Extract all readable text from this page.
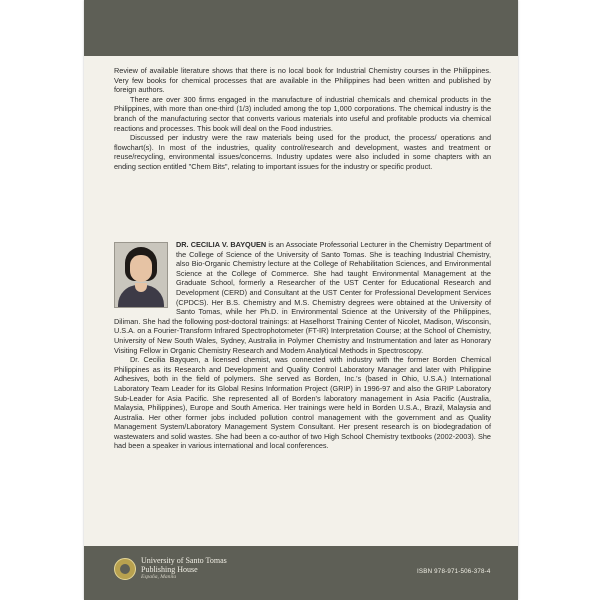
Review of available literature shows that there is no local book for Industrial Chemistry courses in the Philippines. Very few books for chemical processes that are available in the Philippines had been written and published by foreign authors.

There are over 300 firms engaged in the manufacture of industrial chemicals and chemical products in the Philippines, with more than one-third (1/3) included among the top 1,000 corporations. The chemical industry is the branch of the manufacturing sector that converts various materials into useful and profitable products via chemical reactions and processes. This book will deal on the Food industries.

Discussed per industry were the raw materials being used for the product, the process/ operations and flowchart(s). In most of the industries, quality control/research and development, wastes and treatment or reuse/recycling, environmental issues/concerns. Industry updates were also included in some chapters with an ending section entitled "Chem Bits", relating to important issues for the industry or specific product.

DR. CECILIA V. BAYQUEN is an Associate Professorial Lecturer in the Chemistry Department of the College of Science of the University of Santo Tomas. She is teaching Industrial Chemistry, also Bio-Organic Chemistry lecture at the College of Rehabilitation Sciences, and Environmental Science at the College of Commerce. She had taught Environmental Management at the Graduate School, formerly a Researcher of the UST Center for Educational Research and Development (CERD) and Consultant at the UST Center for Professional Development Services (CPDCS). Her B.S. Chemistry and M.S. Chemistry degrees were obtained at the University of Santo Tomas, while her Ph.D. in Environmental Science at the University of the Philippines, Diliman. She had the following post-doctoral trainings: at Haselhorst Training Center of Nicolet, Madison, Wisconsin, U.S.A. on a Fourier-Transform Infrared Spectrophotometer (FT-IR) Interpretation Course; at the School of Chemistry, University of New South Wales, Sydney, Australia in Polymer Chemistry and Instrumentation and later as Honorary Visiting Fellow in Organic Chemistry Research and Modern Analytical Methods in Spectroscopy.

Dr. Cecilia Bayquen, a licensed chemist, was connected with industry with the former Borden Chemical Philippines as its Research and Development and Quality Control Laboratory Manager and later with Philippine Adhesives, both in the field of polymers. She served as Borden, Inc.'s (based in Ohio, U.S.A.) International Laboratory Team Leader for its Global Resins Information Project (GRIP) in 1996-97 and also the GRIP Laboratory Sub-Leader for Asia Pacific. She represented all of Borden's laboratory management in Asia Pacific (Australia, Malaysia, Philippines), Europe and South America. Her trainings were held in Borden U.S.A., Brazil, Malaysia and Australia. Her other former jobs included pollution control management with the government and as Quality Management System/Laboratory Management System Consultant. Her present research is on biodegradation of wastewaters and solid wastes. She had been a co-author of two High School Chemistry textbooks (2002-2003). She had been a speaker in various international and local conferences.

University of Santo Tomas
Publishing House
España, Manila
ISBN 978-971-506-378-4
